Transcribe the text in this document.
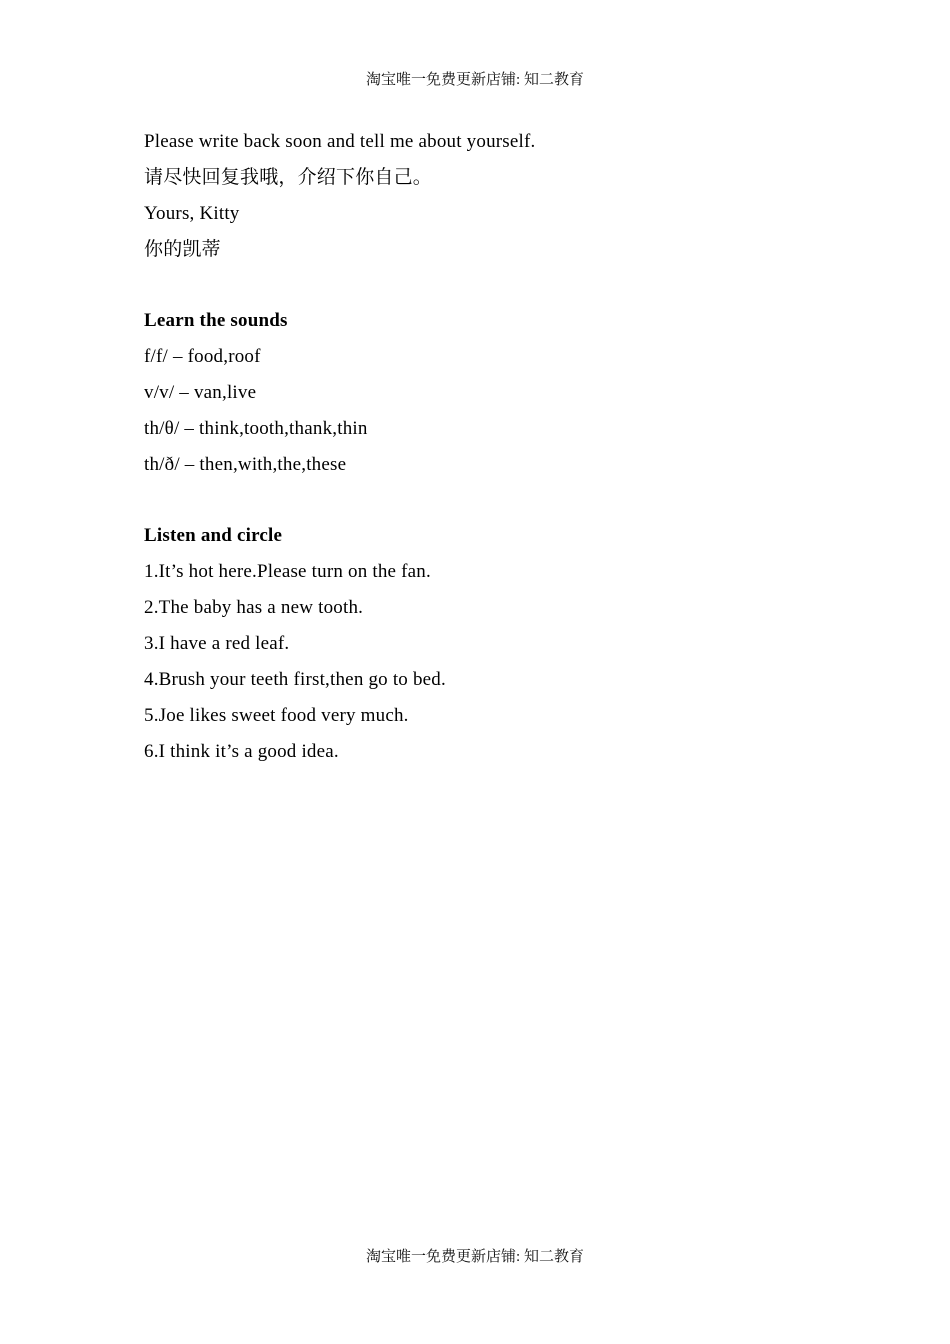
淘宝唯一免费更新店铺: 知二教育
Please write back soon and tell me about yourself.
请尽快回复我哦，介绍下你自己。
Yours, Kitty
你的凯蒂
Learn the sounds
f/f/ – food,roof
v/v/ – van,live
th/θ/ – think,tooth,thank,thin
th/ð/ – then,with,the,these
Listen and circle
1.It’s hot here.Please turn on the fan.
2.The baby has a new tooth.
3.I have a red leaf.
4.Brush your teeth first,then go to bed.
5.Joe likes sweet food very much.
6.I think it’s a good idea.
淘宝唯一免费更新店铺: 知二教育
